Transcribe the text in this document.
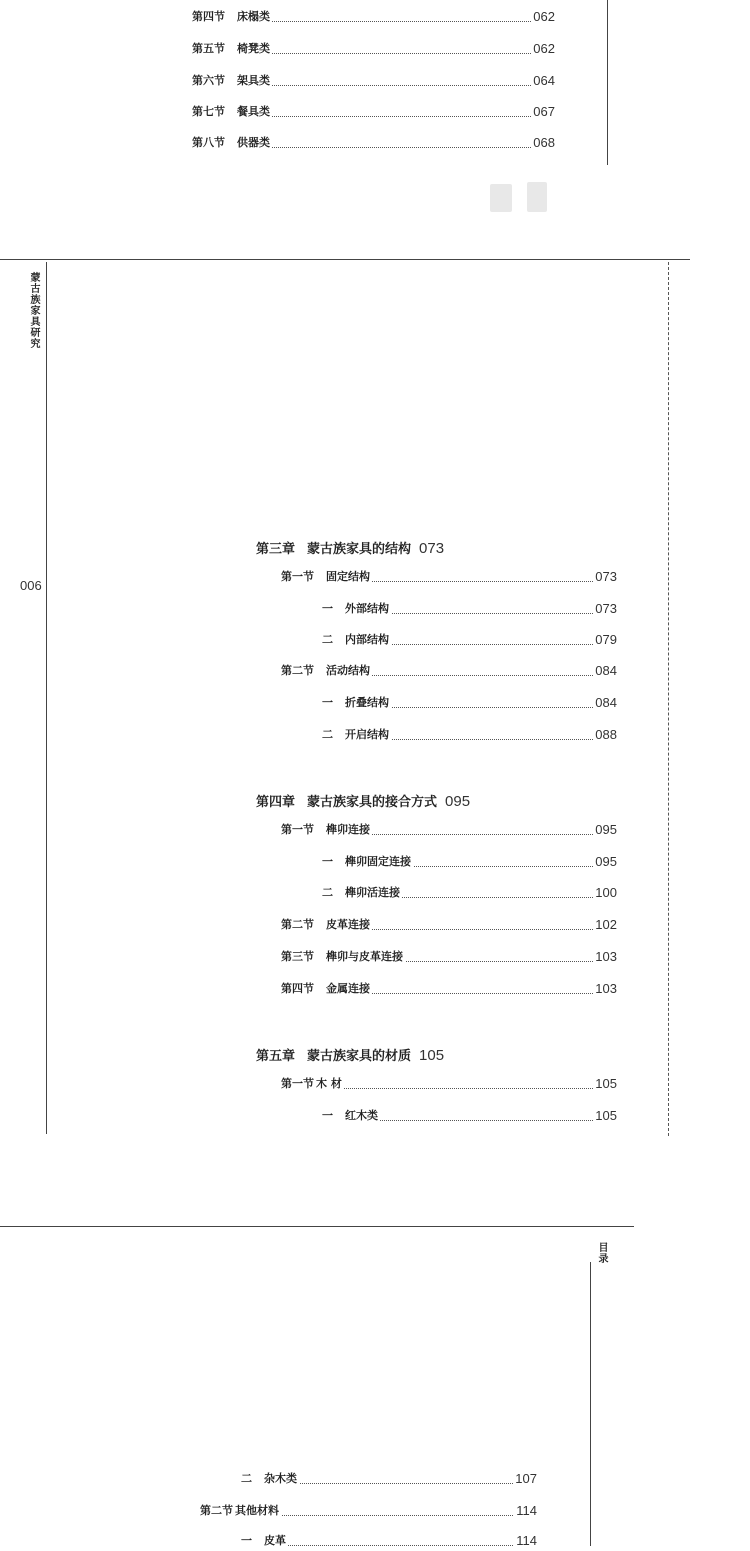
第四节 床榻类	062
第五节 椅凳类	062
第六节 架具类	064
第七节 餐具类	067
第八节 供器类	068
蒙古族家具研究
006
第三章 蒙古族家具的结构 073
第一节 固定结构	073
一 外部结构	073
二 内部结构	079
第二节 活动结构	084
一 折叠结构	084
二 开启结构	088
第四章 蒙古族家具的接合方式 095
第一节 榫卯连接	095
一 榫卯固定连接	095
二 榫卯活连接	100
第二节 皮革连接	102
第三节 榫卯与皮革连接	103
第四节 金属连接	103
第五章 蒙古族家具的材质 105
第一节 木 材	105
一 红木类	105
目录
二 杂木类	107
第二节 其他材料	114
一 皮革	114
